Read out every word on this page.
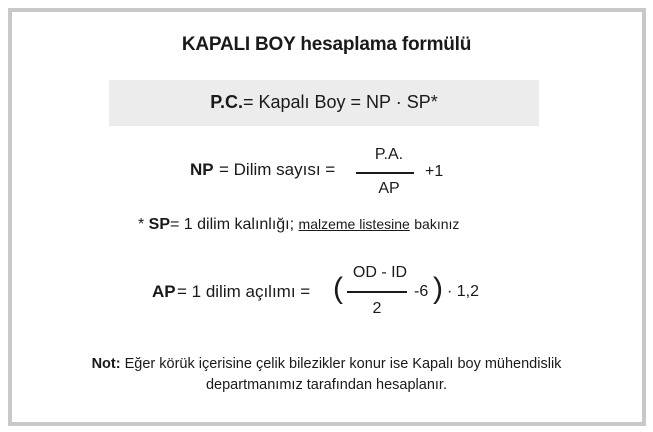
KAPALI BOY hesaplama formülü
P.C.= Kapalı Boy = NP · SP*
NP = Dilim sayısı =
P.A.
AP
+1
* SP= 1 dilim kalınlığı; malzeme listesine bakınız
AP = 1 dilim açılımı = ( OD - ID
2
-6 ) · 1,2
Not: Eğer körük içerisine çelik bilezikler konur ise Kapalı boy mühendislik
departmanımız tarafından hesaplanır.
